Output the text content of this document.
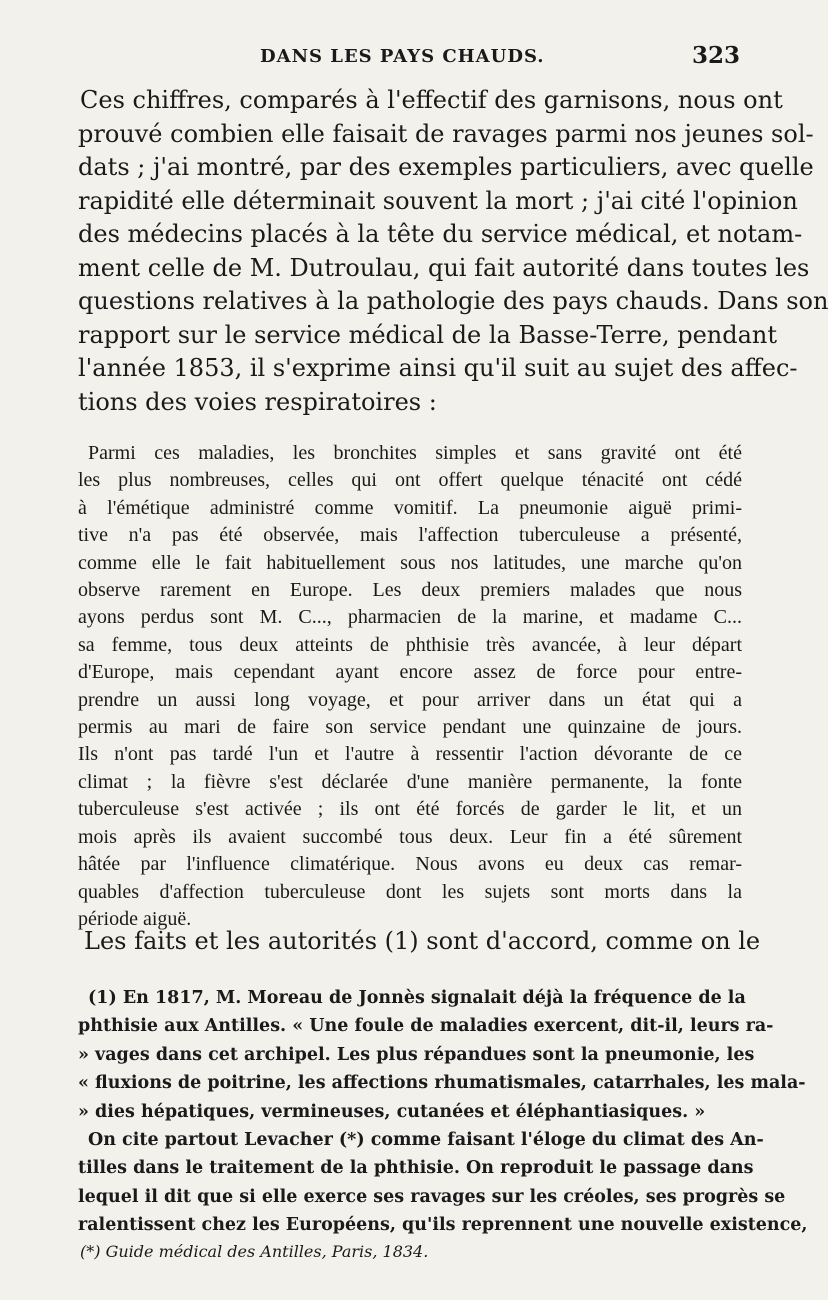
DANS LES PAYS CHAUDS.	323
Ces chiffres, comparés à l'effectif des garnisons, nous ont
prouvé combien elle faisait de ravages parmi nos jeunes sol-
dats ; j'ai montré, par des exemples particuliers, avec quelle
rapidité elle déterminait souvent la mort ; j'ai cité l'opinion
des médecins placés à la tête du service médical, et notam-
ment celle de M. Dutroulau, qui fait autorité dans toutes les
questions relatives à la pathologie des pays chauds. Dans son
rapport sur le service médical de la Basse-Terre, pendant
l'année 1853, il s'exprime ainsi qu'il suit au sujet des affec-
tions des voies respiratoires :
Parmi ces maladies, les bronchites simples et sans gravité ont été
les plus nombreuses, celles qui ont offert quelque ténacité ont cédé
à l'émétique administré comme vomitif. La pneumonie aiguë primi-
tive n'a pas été observée, mais l'affection tuberculeuse a présenté,
comme elle le fait habituellement sous nos latitudes, une marche qu'on
observe rarement en Europe. Les deux premiers malades que nous
ayons perdus sont M. C..., pharmacien de la marine, et madame C...
sa femme, tous deux atteints de phthisie très avancée, à leur départ
d'Europe, mais cependant ayant encore assez de force pour entre-
prendre un aussi long voyage, et pour arriver dans un état qui a
permis au mari de faire son service pendant une quinzaine de jours.
Ils n'ont pas tardé l'un et l'autre à ressentir l'action dévorante de ce
climat ; la fièvre s'est déclarée d'une manière permanente, la fonte
tuberculeuse s'est activée ; ils ont été forcés de garder le lit, et un
mois après ils avaient succombé tous deux. Leur fin a été sûrement
hâtée par l'influence climatérique. Nous avons eu deux cas remar-
quables d'affection tuberculeuse dont les sujets sont morts dans la
période aiguë.
Les faits et les autorités (1) sont d'accord, comme on le
(1) En 1817, M. Moreau de Jonnès signalait déjà la fréquence de la
phthisie aux Antilles. « Une foule de maladies exercent, dit-il, leurs ra-
» vages dans cet archipel. Les plus répandues sont la pneumonie, les
« fluxions de poitrine, les affections rhumatismales, catarrhales, les mala-
» dies hépatiques, vermineuses, cutanées et éléphantiasiques. »
On cite partout Levacher (*) comme faisant l'éloge du climat des An-
tilles dans le traitement de la phthisie. On reproduit le passage dans
lequel il dit que si elle exerce ses ravages sur les créoles, ses progrès se
ralentissent chez les Européens, qu'ils reprennent une nouvelle existence,
(*) Guide médical des Antilles, Paris, 1834.
